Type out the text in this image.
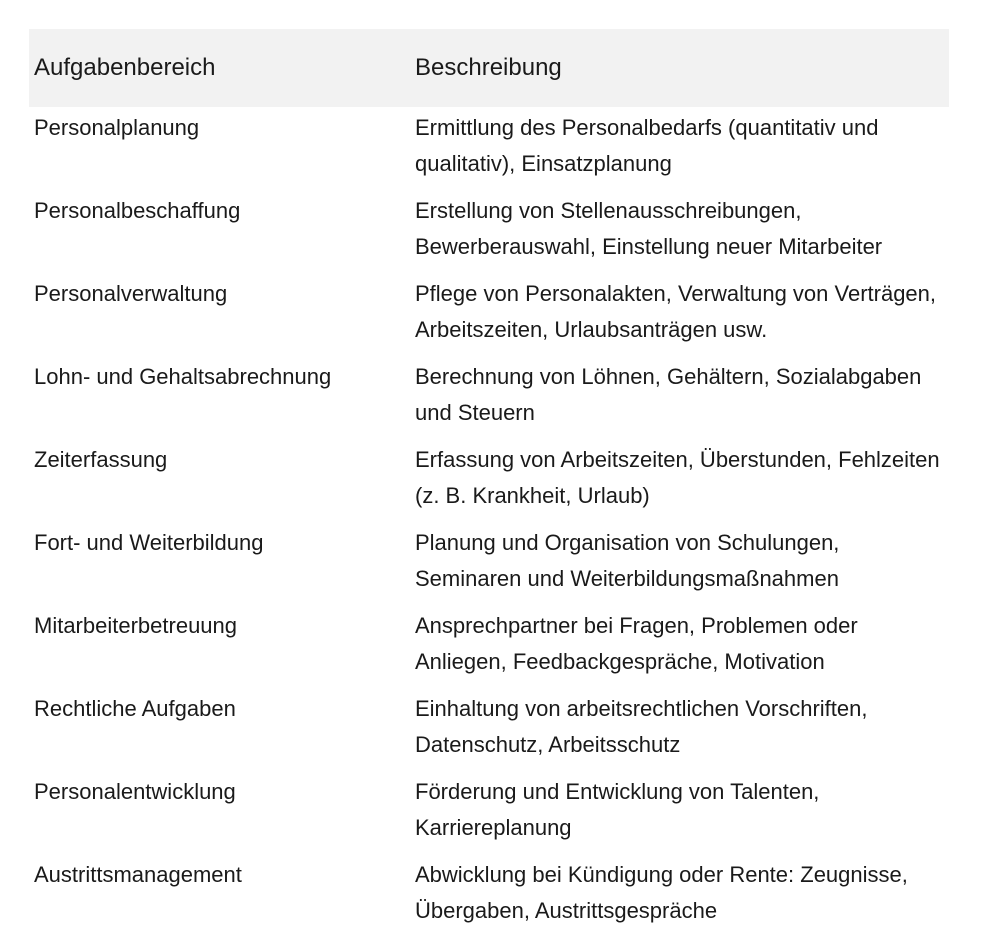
Aufgabenbereich	Beschreibung
Personalplanung	Ermittlung des Personalbedarfs (quantitativ und qualitativ), Einsatzplanung
Personalbeschaffung	Erstellung von Stellenausschreibungen, Bewerberauswahl, Einstellung neuer Mitarbeiter
Personalverwaltung	Pflege von Personalakten, Verwaltung von Verträgen, Arbeitszeiten, Urlaubsanträgen usw.
Lohn- und Gehaltsabrechnung	Berechnung von Löhnen, Gehältern, Sozialabgaben und Steuern
Zeiterfassung	Erfassung von Arbeitszeiten, Überstunden, Fehlzeiten (z. B. Krankheit, Urlaub)
Fort- und Weiterbildung	Planung und Organisation von Schulungen, Seminaren und Weiterbildungsmaßnahmen
Mitarbeiterbetreuung	Ansprechpartner bei Fragen, Problemen oder Anliegen, Feedbackgespräche, Motivation
Rechtliche Aufgaben	Einhaltung von arbeitsrechtlichen Vorschriften, Datenschutz, Arbeitsschutz
Personalentwicklung	Förderung und Entwicklung von Talenten, Karriereplanung
Austrittsmanagement	Abwicklung bei Kündigung oder Rente: Zeugnisse, Übergaben, Austrittsgespräche
